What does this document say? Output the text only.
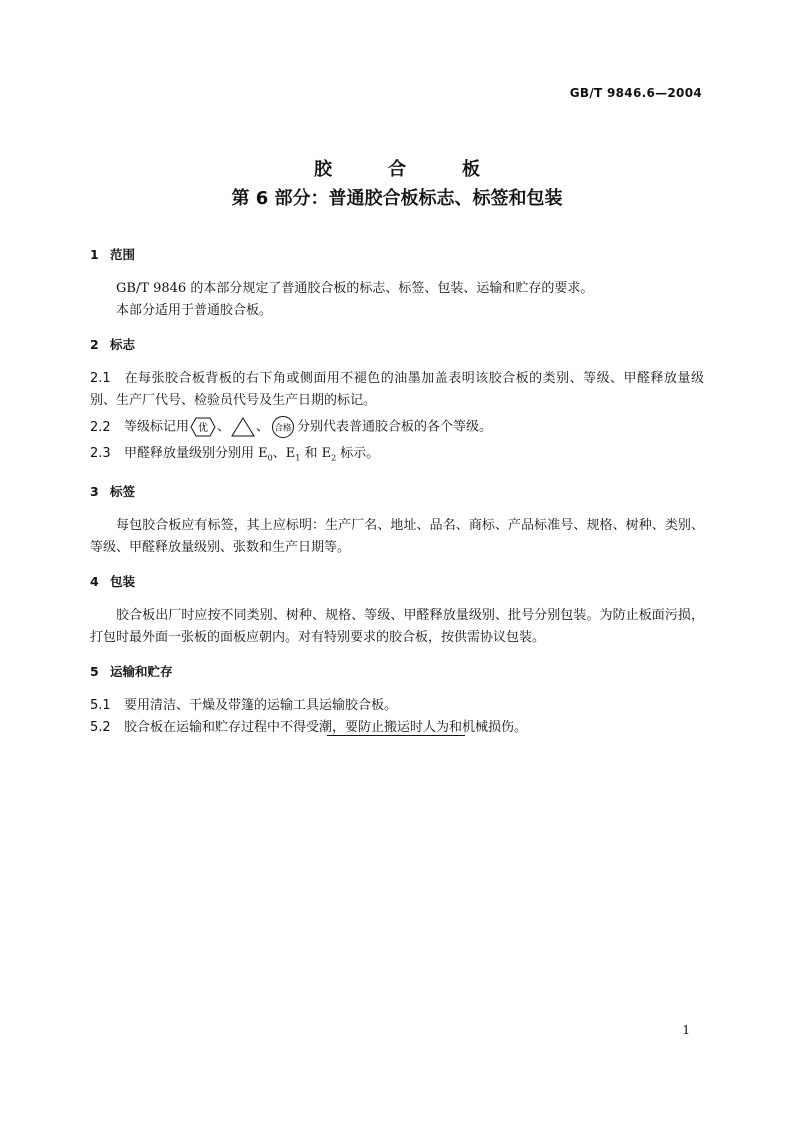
GB/T 9846.6—2004
胶	合	板
第 6 部分：普通胶合板标志、标签和包装
1 范围

GB/T 9846 的本部分规定了普通胶合板的标志、标签、包装、运输和贮存的要求。

本部分适用于普通胶合板。

2 标志

2.1 在每张胶合板背板的右下角或侧面用不褪色的油墨加盖表明该胶合板的类别、等级、甲醛释放量级别、生产厂代号、检验员代号及生产日期的标记。

2.2 等级标记用 优 、 、 合格 分别代表普通胶合板的各个等级。

2.3 甲醛释放量级别分别用 $E_0$、$E_1$ 和 $E_2$ 标示。

3 标签

每包胶合板应有标签，其上应标明：生产厂名、地址、品名、商标、产品标准号、规格、树种、类别、等级、甲醛释放量级别、张数和生产日期等。

4 包装

胶合板出厂时应按不同类别、树种、规格、等级、甲醛释放量级别、批号分别包装。为防止板面污损，打包时最外面一张板的面板应朝内。对有特别要求的胶合板，按供需协议包装。

5 运输和贮存

5.1 要用清洁、干燥及带篷的运输工具运输胶合板。

5.2 胶合板在运输和贮存过程中不得受潮，要防止搬运时人为和机械损伤。

1
